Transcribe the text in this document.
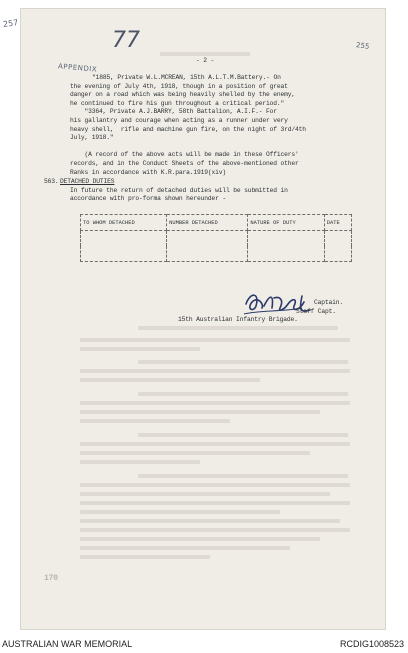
257
255
APPENDIX
77
- 2 -
"1885, Private W.L.MCREAN, 15th A.L.T.M.Battery.- On
the evening of July 4th, 1918, though in a position of great
danger on a road which was being heavily shelled by the enemy,
he continued to fire his gun throughout a critical period."
"3364, Private A.J.BARRY, 58th Battalion, A.I.F.- For
his gallantry and courage when acting as a runner under very
heavy shell,  rifle and machine gun fire, on the night of 3rd/4th
July, 1918."
(A record of the above acts will be made in these Officers'
records, and in the Conduct Sheets of the above-mentioned other
Ranks in accordance with K.R.para.1919(xiv)
563. DETACHED DUTIES
In future the return of detached duties will be submitted in
accordance with pro-forma shown hereunder -
TO WHOM DETACHED	NUMBER DETACHED	NATURE OF DUTY	DATE

Callay
Captain.
Staff Capt.
15th Australian Infantry Brigade.
170
AUSTRALIAN WAR MEMORIAL	RCDIG1008523
